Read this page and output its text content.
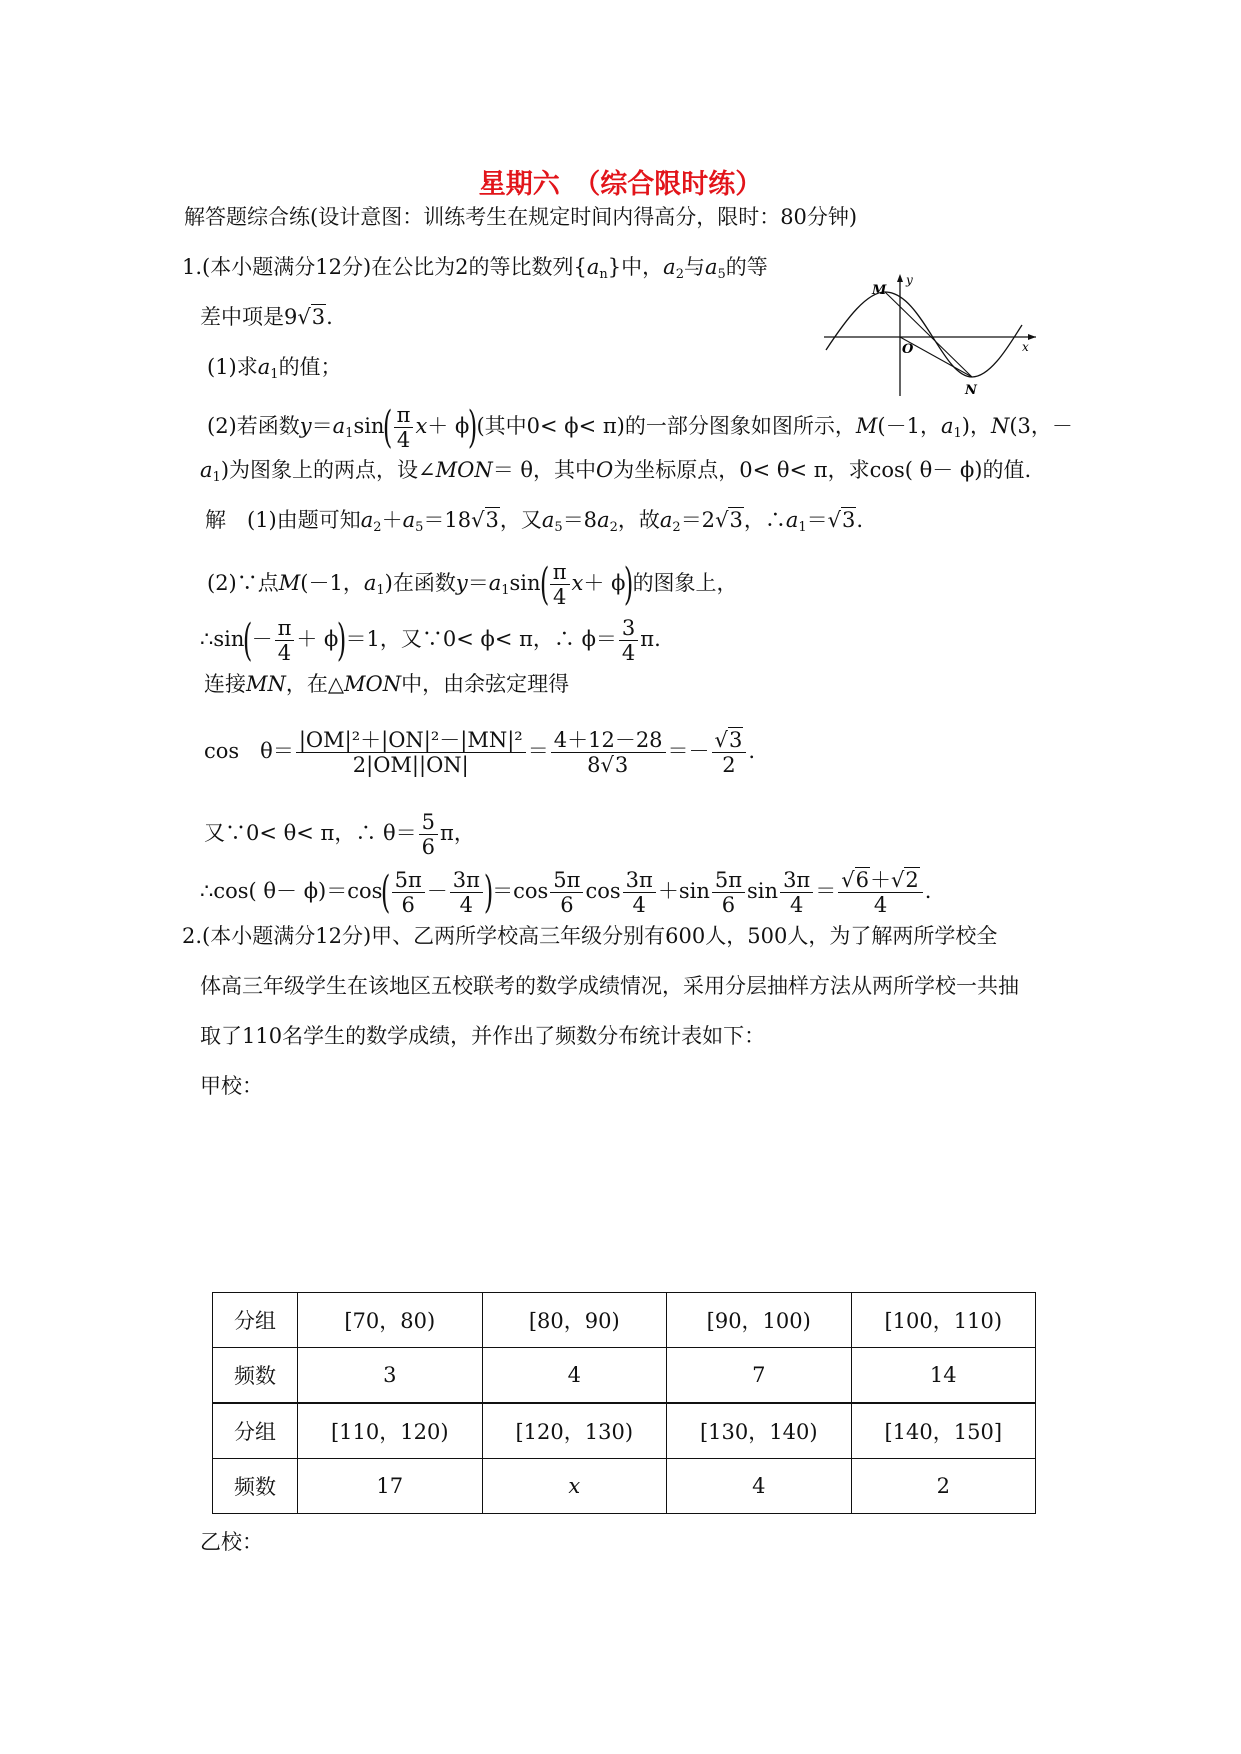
星期六　（综合限时练）
解答题综合练(设计意图：训练考生在规定时间内得高分，限时：80分钟)
1.(本小题满分12分)在公比为2的等比数列$\{a_n\}$中，$a_2$与$a_5$的等
差中项是9√3.
M
y
O	x
N
(1)求$a_1$的值；
(2)若函数$y=a_1\sin( \frac{\pi}{4} x+ \phi)$(其中0< ϕ< π)的一部分图象如图所示，M(－1，$a_1$)，N(3，－
$a_1$)为图象上的两点，设∠MON＝ θ，其中O为坐标原点，0< θ< π，求cos( θ－ ϕ)的值.
解　(1)由题可知$a_2+a_5=18√3$，又$a_5=8a_2$，故$a_2=2√3$，$\therefore a_1=√3$.
(2)∵点M(－1，$a_1$)在函数$y=a_1\sin( \frac{\pi}{4} x+ \phi)$的图象上，
∴sin(－ $\frac{\pi}{4} + \phi)=1$，又∵0< ϕ< π，∴ $\phi= \frac{3}{4} \pi$.
连接MN，在△MON中，由余弦定理得
cos　$\theta= \frac{\text{|OM|²＋|ON|²－|MN|²}}{2|OM||ON|} = \frac{4+12-28}{8√3} =- \frac{√3}{2}$ .
又∵0< θ< π，∴ $\theta= \frac{5}{6}$ π，
∴cos( $\theta- \phi)=\cos( \frac{5\pi}{6} - \frac{3\pi}{4} )=\cos \frac{5\pi}{6}$ $\cos \frac{3\pi}{4} +\sin \frac{5\pi}{6}$ $\sin \frac{3\pi}{4} = \frac{√6+√2}{4}$ .
2.(本小题满分12分)甲、乙两所学校高三年级分别有600人，500人，为了解两所学校全
体高三年级学生在该地区五校联考的数学成绩情况，采用分层抽样方法从两所学校一共抽
取了110名学生的数学成绩，并作出了频数分布统计表如下：
甲校：
分组	[70，80)	[80，90)	[90，100)	[100，110)
频数	3	4	7	14
分组	[110，120)	[120，130)	[130，140)	[140，150]
频数	17	x	4	2
乙校：
